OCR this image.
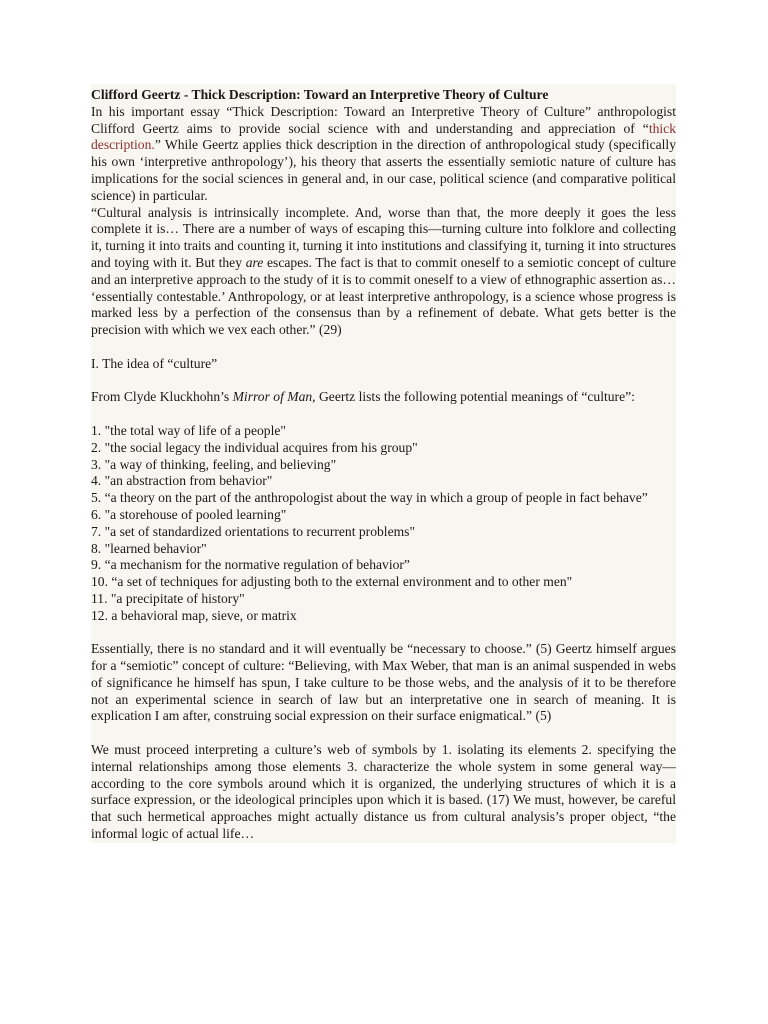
Clifford Geertz - Thick Description: Toward an Interpretive Theory of Culture
In his important essay “Thick Description: Toward an Interpretive Theory of Culture” anthropologist Clifford Geertz aims to provide social science with and understanding and appreciation of “thick description.” While Geertz applies thick description in the direction of anthropological study (specifically his own ‘interpretive anthropology’), his theory that asserts the essentially semiotic nature of culture has implications for the social sciences in general and, in our case, political science (and comparative political science) in particular.
“Cultural analysis is intrinsically incomplete. And, worse than that, the more deeply it goes the less complete it is… There are a number of ways of escaping this—turning culture into folklore and collecting it, turning it into traits and counting it, turning it into institutions and classifying it, turning it into structures and toying with it. But they are escapes. The fact is that to commit oneself to a semiotic concept of culture and an interpretive approach to the study of it is to commit oneself to a view of ethnographic assertion as… ‘essentially contestable.’ Anthropology, or at least interpretive anthropology, is a science whose progress is marked less by a perfection of the consensus than by a refinement of debate. What gets better is the precision with which we vex each other.” (29)
I. The idea of “culture”
From Clyde Kluckhohn’s Mirror of Man, Geertz lists the following potential meanings of “culture”:
1. "the total way of life of a people"
2. "the social legacy the individual acquires from his group"
3. "a way of thinking, feeling, and believing"
4. "an abstraction from behavior"
5. “a theory on the part of the anthropologist about the way in which a group of people in fact behave”
6. "a storehouse of pooled learning"
7. "a set of standardized orientations to recurrent problems"
8. "learned behavior"
9. “a mechanism for the normative regulation of behavior”
10. “a set of techniques for adjusting both to the external environment and to other men"
11. "a precipitate of history"
12. a behavioral map, sieve, or matrix
Essentially, there is no standard and it will eventually be “necessary to choose.” (5) Geertz himself argues for a “semiotic” concept of culture: “Believing, with Max Weber, that man is an animal suspended in webs of significance he himself has spun, I take culture to be those webs, and the analysis of it to be therefore not an experimental science in search of law but an interpretative one in search of meaning. It is explication I am after, construing social expression on their surface enigmatical.” (5)
We must proceed interpreting a culture’s web of symbols by 1. isolating its elements 2. specifying the internal relationships among those elements 3. characterize the whole system in some general way—according to the core symbols around which it is organized, the underlying structures of which it is a surface expression, or the ideological principles upon which it is based. (17) We must, however, be careful that such hermetical approaches might actually distance us from cultural analysis’s proper object, “the informal logic of actual life…
